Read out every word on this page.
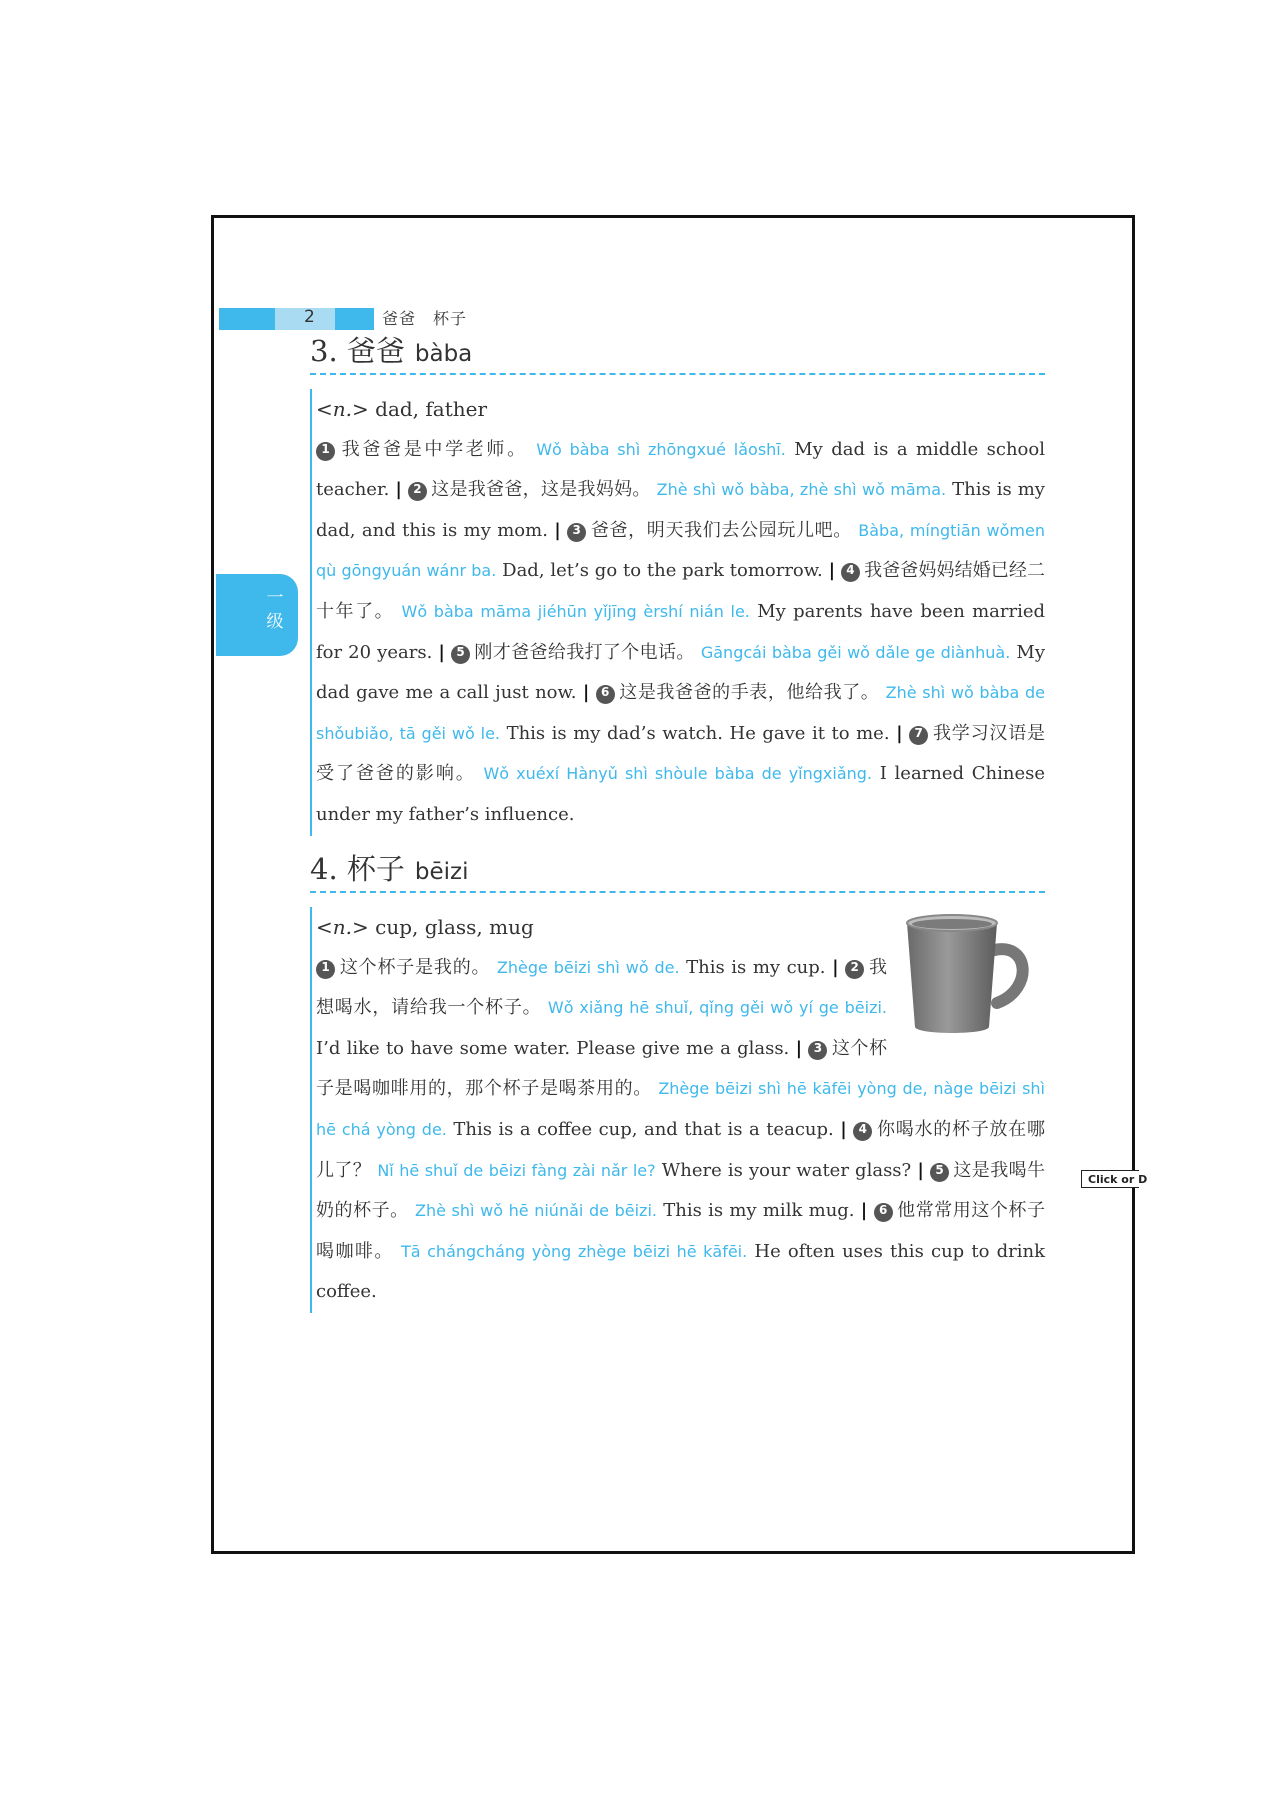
2	爸爸　杯子
一
级
3. 爸爸 bàba
<n.> dad, father
1 我爸爸是中学老师。 Wǒ bàba shì zhōngxué lǎoshī. My dad is a middle school teacher. | 2 这是我爸爸，这是我妈妈。 Zhè shì wǒ bàba, zhè shì wǒ māma. This is my dad, and this is my mom. | 3 爸爸，明天我们去公园玩儿吧。 Bàba, míngtiān wǒmen qù gōngyuán wánr ba. Dad, let’s go to the park tomorrow. | 4 我爸爸妈妈结婚已经二十年了。 Wǒ bàba māma jiéhūn yǐjīng èrshí nián le. My parents have been married for 20 years. | 5 刚才爸爸给我打了个电话。 Gāngcái bàba gěi wǒ dǎle ge diànhuà. My dad gave me a call just now. | 6 这是我爸爸的手表，他给我了。 Zhè shì wǒ bàba de shǒubiǎo, tā gěi wǒ le. This is my dad’s watch. He gave it to me. | 7 我学习汉语是受了爸爸的影响。 Wǒ xuéxí Hànyǔ shì shòule bàba de yǐngxiǎng. I learned Chinese under my father’s influence.
4. 杯子 bēizi
<n.> cup, glass, mug
1 这个杯子是我的。 Zhège bēizi shì wǒ de. This is my cup. | 2 我想喝水，请给我一个杯子。 Wǒ xiǎng hē shuǐ, qǐng gěi wǒ yí ge bēizi. I’d like to have some water. Please give me a glass. | 3 这个杯子是喝咖啡用的，那个杯子是喝茶用的。 Zhège bēizi shì hē kāfēi yòng de, nàge bēizi shì hē chá yòng de. This is a coffee cup, and that is a teacup. | 4 你喝水的杯子放在哪儿了？ Nǐ hē shuǐ de bēizi fàng zài nǎr le? Where is your water glass? | 5 这是我喝牛奶的杯子。 Zhè shì wǒ hē niúnǎi de bēizi. This is my milk mug. | 6 他常常用这个杯子喝咖啡。 Tā chángcháng yòng zhège bēizi hē kāfēi. He often uses this cup to drink coffee.
Click or D
